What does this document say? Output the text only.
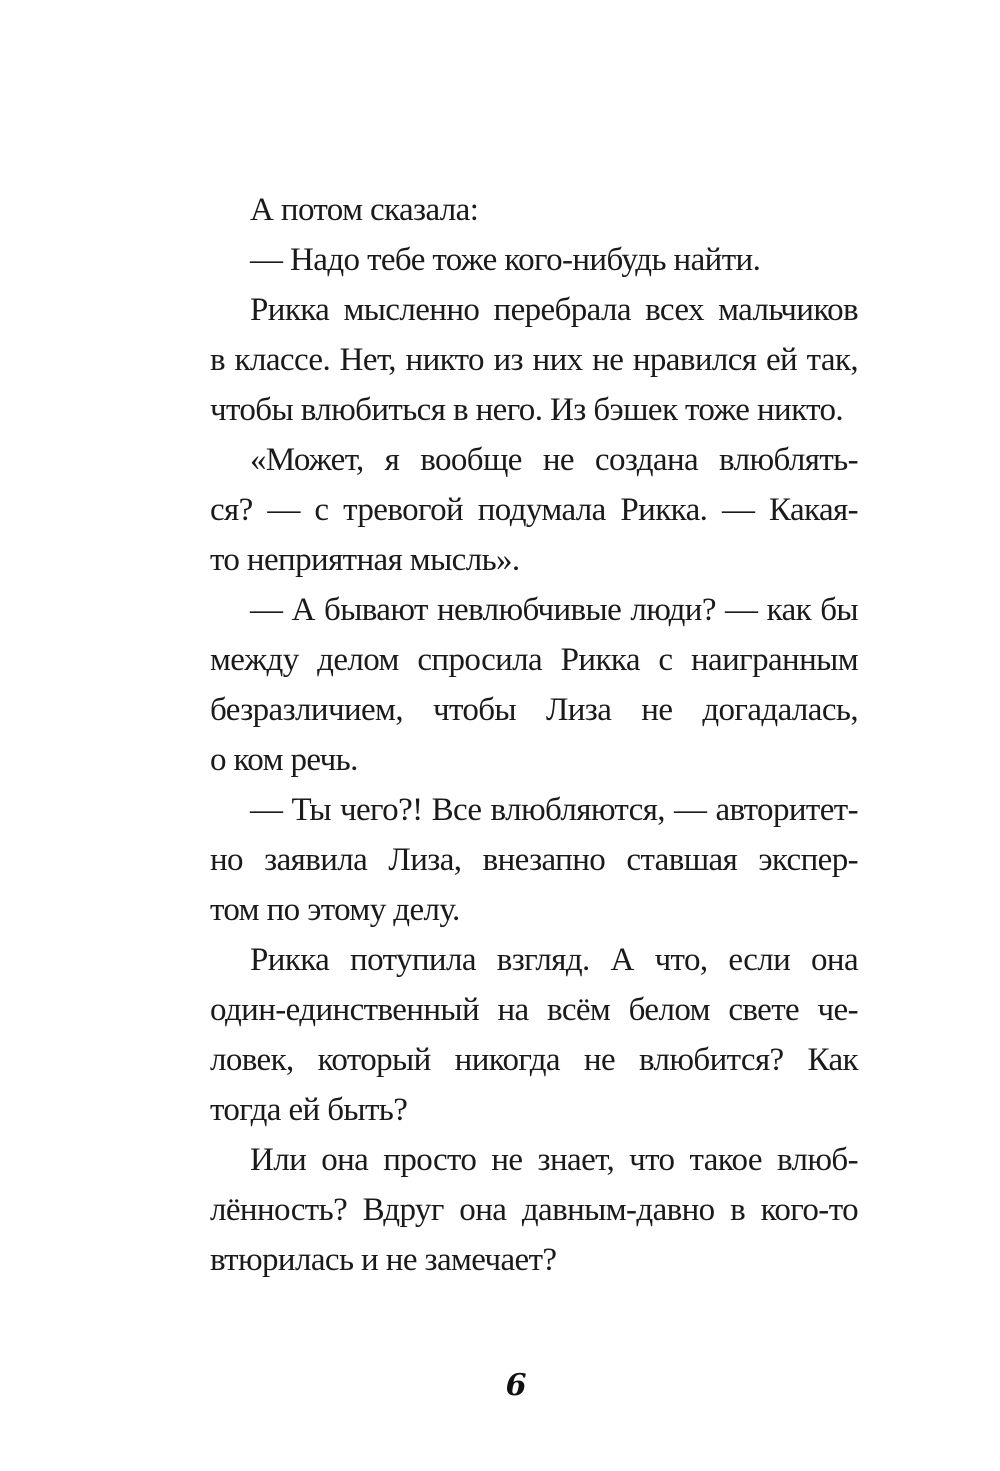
А потом сказала:
— Надо тебе тоже кого-нибудь найти.
Рикка мысленно перебрала всех мальчиков
в классе. Нет, никто из них не нравился ей так,
чтобы влюбиться в него. Из бэшек тоже никто.
«Может, я вообще не создана влюблять-
ся? — с тревогой подумала Рикка. — Какая-
то неприятная мысль».
— А бывают невлюбчивые люди? — как бы
между делом спросила Рикка с наигранным
безразличием, чтобы Лиза не догадалась,
о ком речь.
— Ты чего?! Все влюбляются, — авторитет-
но заявила Лиза, внезапно ставшая экспер-
том по этому делу.
Рикка потупила взгляд. А что, если она
один-единственный на всём белом свете че-
ловек, который никогда не влюбится? Как
тогда ей быть?
Или она просто не знает, что такое влюб-
лённость? Вдруг она давным-давно в кого-то
втюрилась и не замечает?
6
